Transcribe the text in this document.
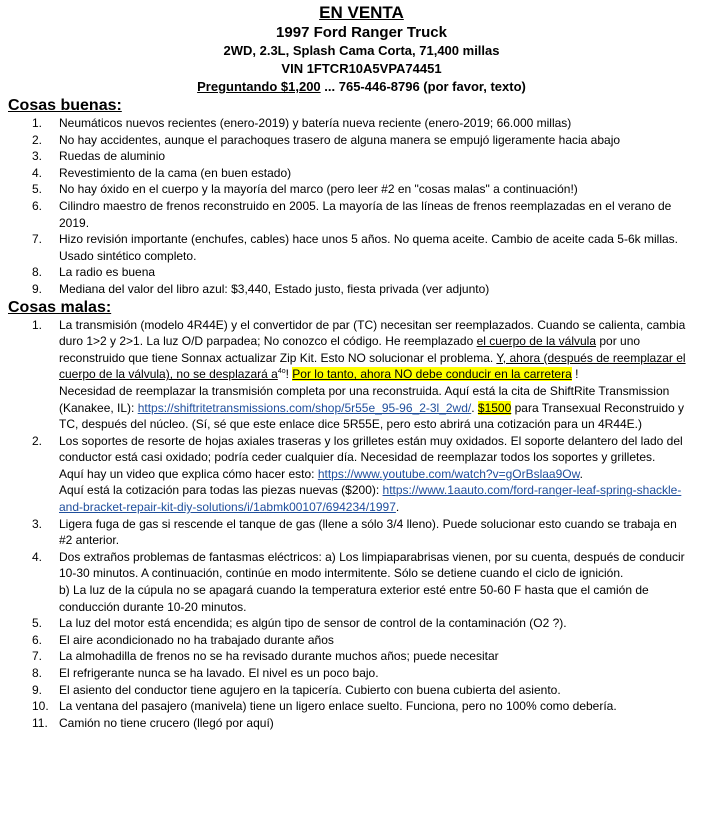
EN VENTA
1997 Ford Ranger Truck
2WD, 2.3L, Splash Cama Corta, 71,400 millas
VIN 1FTCR10A5VPA74451
Preguntando $1,200 ... 765-446-8796 (por favor, texto)
Cosas buenas:
1. Neumáticos nuevos recientes (enero-2019) y batería nueva reciente (enero-2019; 66.000 millas)
2. No hay accidentes, aunque el parachoques trasero de alguna manera se empujó ligeramente hacia abajo
3. Ruedas de aluminio
4. Revestimiento de la cama (en buen estado)
5. No hay óxido en el cuerpo y la mayoría del marco (pero leer #2 en "cosas malas" a continuación!)
6. Cilindro maestro de frenos reconstruido en 2005. La mayoría de las líneas de frenos reemplazadas en el verano de 2019.
7. Hizo revisión importante (enchufes, cables) hace unos 5 años. No quema aceite. Cambio de aceite cada 5-6k millas. Usado sintético completo.
8. La radio es buena
9. Mediana del valor del libro azul: $3,440, Estado justo, fiesta privada (ver adjunto)
Cosas malas:
1. La transmisión (modelo 4R44E) y el convertidor de par (TC) necesitan ser reemplazados. Cuando se calienta, cambia duro 1>2 y 2>1. La luz O/D parpadea; No conozco el código. He reemplazado el cuerpo de la válvula por uno reconstruido que tiene Sonnax actualizar Zip Kit. Esto NO solucionar el problema. Y, ahora (después de reemplazar el cuerpo de la válvula), no se desplazará $a^{4o}$! Por lo tanto, ahora NO debe conducir en la carretera !
Necesidad de reemplazar la transmisión completa por una reconstruida. Aquí está la cita de ShiftRite Transmission (Kanakee, IL): https://shiftritetransmissions.com/shop/5r55e_95-96_2-3l_2wd/. $1500 para Transexual Reconstruido y TC, después del núcleo. (Sí, sé que este enlace dice 5R55E, pero esto abrirá una cotización para un 4R44E.)
2. Los soportes de resorte de hojas axiales traseras y los grilletes están muy oxidados. El soporte delantero del lado del conductor está casi oxidado; podría ceder cualquier día. Necesidad de reemplazar todos los soportes y grilletes.
Aquí hay un video que explica cómo hacer esto: https://www.youtube.com/watch?v=gOrBslaa9Ow.
Aquí está la cotización para todas las piezas nuevas ($200): https://www.1aauto.com/ford-ranger-leaf-spring-shackle-and-bracket-repair-kit-diy-solutions/i/1abmk00107/694234/1997.
3. Ligera fuga de gas si rescende el tanque de gas (llene a sólo 3/4 lleno). Puede solucionar esto cuando se trabaja en #2 anterior.
4. Dos extraños problemas de fantasmas eléctricos: a) Los limpiaparabrisas vienen, por su cuenta, después de conducir 10-30 minutos. A continuación, continúe en modo intermitente. Sólo se detiene cuando el ciclo de ignición.
b) La luz de la cúpula no se apagará cuando la temperatura exterior esté entre 50-60 F hasta que el camión de conducción durante 10-20 minutos.
5. La luz del motor está encendida; es algún tipo de sensor de control de la contaminación (O2 ?).
6. El aire acondicionado no ha trabajado durante años
7. La almohadilla de frenos no se ha revisado durante muchos años; puede necesitar
8. El refrigerante nunca se ha lavado. El nivel es un poco bajo.
9. El asiento del conductor tiene agujero en la tapicería. Cubierto con buena cubierta del asiento.
10. La ventana del pasajero (manivela) tiene un ligero enlace suelto. Funciona, pero no 100% como debería.
11. Camión no tiene crucero (llegó por aquí)
